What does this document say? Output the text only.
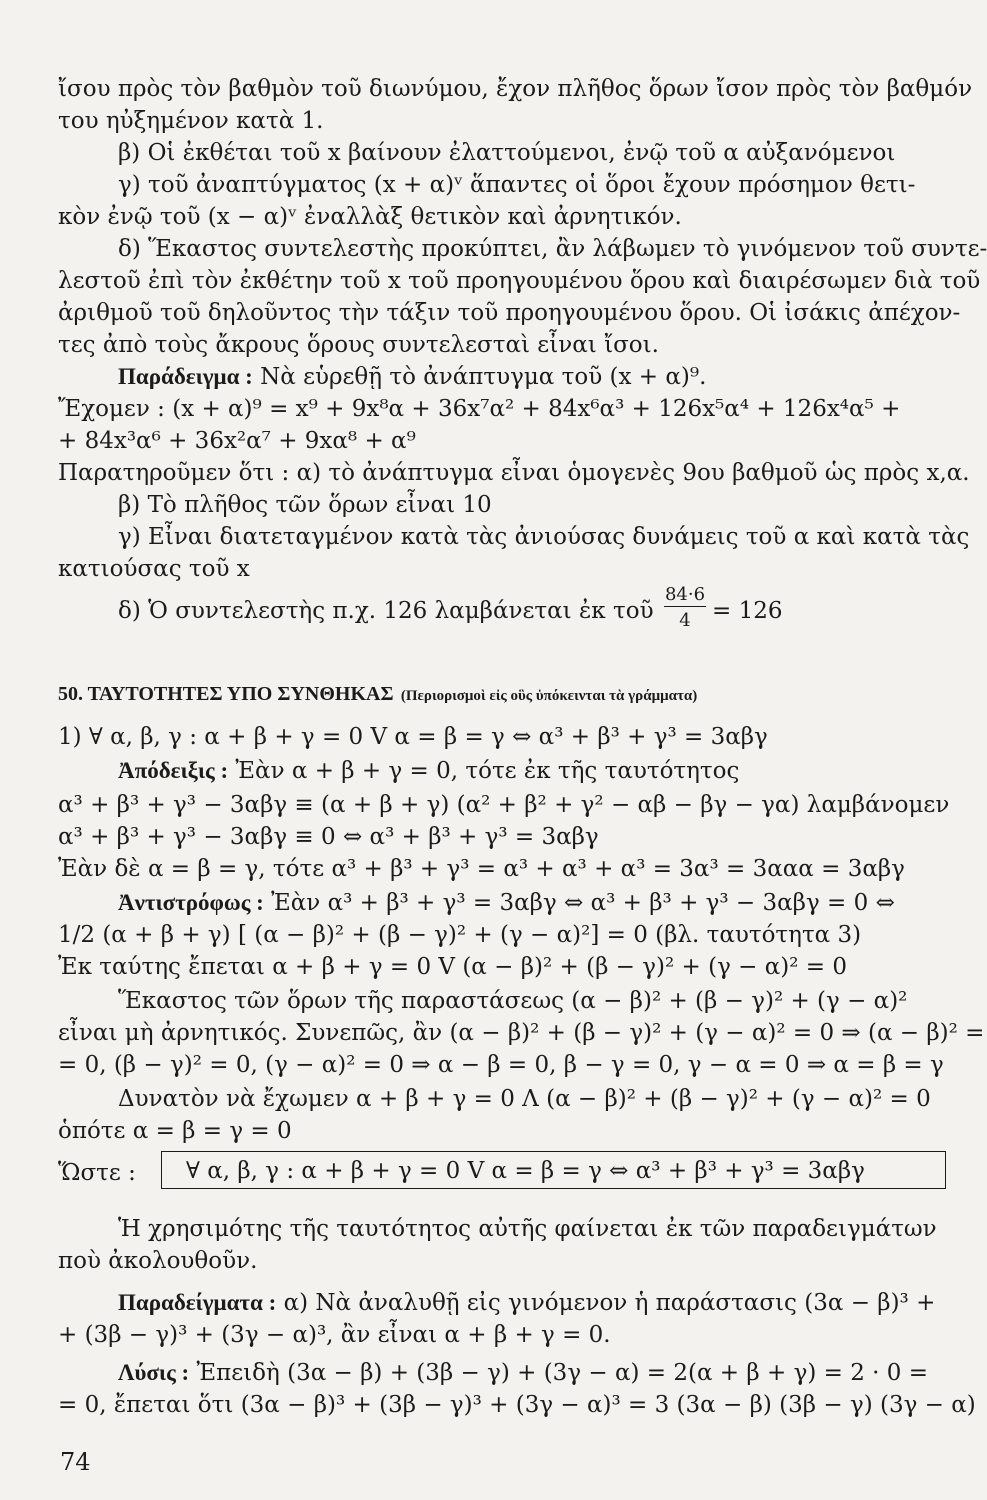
ἴσου πρὸς τὸν βαθμὸν τοῦ διωνύμου, ἔχον πλῆθος ὅρων ἴσον πρὸς τὸν βαθμόν
του ηὐξημένον κατὰ 1.
β) Οἱ ἐκθέται τοῦ x βαίνουν ἐλαττούμενοι, ἐνῷ τοῦ α αὐξανόμενοι
γ) τοῦ ἀναπτύγματος (x + α)ᵛ ἅπαντες οἱ ὅροι ἔχουν πρόσημον θετι-
κὸν ἐνῷ τοῦ (x − α)ᵛ ἐναλλὰξ θετικὸν καὶ ἀρνητικόν.
δ) Ἕκαστος συντελεστὴς προκύπτει, ἂν λάβωμεν τὸ γινόμενον τοῦ συντε-
λεστοῦ ἐπὶ τὸν ἐκθέτην τοῦ x τοῦ προηγουμένου ὅρου καὶ διαιρέσωμεν διὰ τοῦ
ἀριθμοῦ τοῦ δηλοῦντος τὴν τάξιν τοῦ προηγουμένου ὅρου. Οἱ ἰσάκις ἀπέχον-
τες ἀπὸ τοὺς ἄκρους ὅρους συντελεσταὶ εἶναι ἴσοι.
Παράδειγμα : Νὰ εὑρεθῇ τὸ ἀνάπτυγμα τοῦ (x + α)⁹.
Ἔχομεν : (x + α)⁹ = x⁹ + 9x⁸α + 36x⁷α² + 84x⁶α³ + 126x⁵α⁴ + 126x⁴α⁵ +
+ 84x³α⁶ + 36x²α⁷ + 9xα⁸ + α⁹
Παρατηροῦμεν ὅτι : α) τὸ ἀνάπτυγμα εἶναι ὁμογενὲς 9ου βαθμοῦ ὡς πρὸς x,α.
β) Τὸ πλῆθος τῶν ὅρων εἶναι 10
γ) Εἶναι διατεταγμένον κατὰ τὰς ἀνιούσας δυνάμεις τοῦ α καὶ κατὰ τὰς
κατιούσας τοῦ x
δ) Ὁ συντελεστὴς π.χ. 126 λαμβάνεται ἐκ τοῦ
84·6
4 = 126
50. ΤΑΥΤΟΤΗΤΕΣ ΥΠΟ ΣΥΝΘΗΚΑΣ (Περιορισμοὶ εἰς οὓς ὑπόκεινται τὰ γράμματα)
1) ∀ α, β, γ : α + β + γ = 0 V α = β = γ ⇔ α³ + β³ + γ³ = 3αβγ
Ἀπόδειξις : Ἐὰν α + β + γ = 0, τότε ἐκ τῆς ταυτότητος
α³ + β³ + γ³ − 3αβγ ≡ (α + β + γ) (α² + β² + γ² − αβ − βγ − γα) λαμβάνομεν
α³ + β³ + γ³ − 3αβγ ≡ 0 ⇔ α³ + β³ + γ³ = 3αβγ
Ἐὰν δὲ α = β = γ, τότε α³ + β³ + γ³ = α³ + α³ + α³ = 3α³ = 3ααα = 3αβγ
Ἀντιστρόφως : Ἐὰν α³ + β³ + γ³ = 3αβγ ⇔ α³ + β³ + γ³ − 3αβγ = 0 ⇔
1/2 (α + β + γ) [ (α − β)² + (β − γ)² + (γ − α)²] = 0 (βλ. ταυτότητα 3)
Ἐκ ταύτης ἔπεται α + β + γ = 0 V (α − β)² + (β − γ)² + (γ − α)² = 0
Ἕκαστος τῶν ὅρων τῆς παραστάσεως (α − β)² + (β − γ)² + (γ − α)²
εἶναι μὴ ἀρνητικός. Συνεπῶς, ἂν (α − β)² + (β − γ)² + (γ − α)² = 0 ⇒ (α − β)² =
= 0, (β − γ)² = 0, (γ − α)² = 0 ⇒ α − β = 0, β − γ = 0, γ − α = 0 ⇒ α = β = γ
Δυνατὸν νὰ ἔχωμεν α + β + γ = 0 Λ (α − β)² + (β − γ)² + (γ − α)² = 0
ὁπότε α = β = γ = 0
Ὥστε :	∀ α, β, γ : α + β + γ = 0 V α = β = γ ⇔ α³ + β³ + γ³ = 3αβγ
Ἡ χρησιμότης τῆς ταυτότητος αὐτῆς φαίνεται ἐκ τῶν παραδειγμάτων
ποὺ ἀκολουθοῦν.
Παραδείγματα : α) Νὰ ἀναλυθῇ εἰς γινόμενον ἡ παράστασις (3α − β)³ +
+ (3β − γ)³ + (3γ − α)³, ἂν εἶναι α + β + γ = 0.
Λύσις : Ἐπειδὴ (3α − β) + (3β − γ) + (3γ − α) = 2(α + β + γ) = 2 · 0 =
= 0, ἔπεται ὅτι (3α − β)³ + (3β − γ)³ + (3γ − α)³ = 3 (3α − β) (3β − γ) (3γ − α)
74
